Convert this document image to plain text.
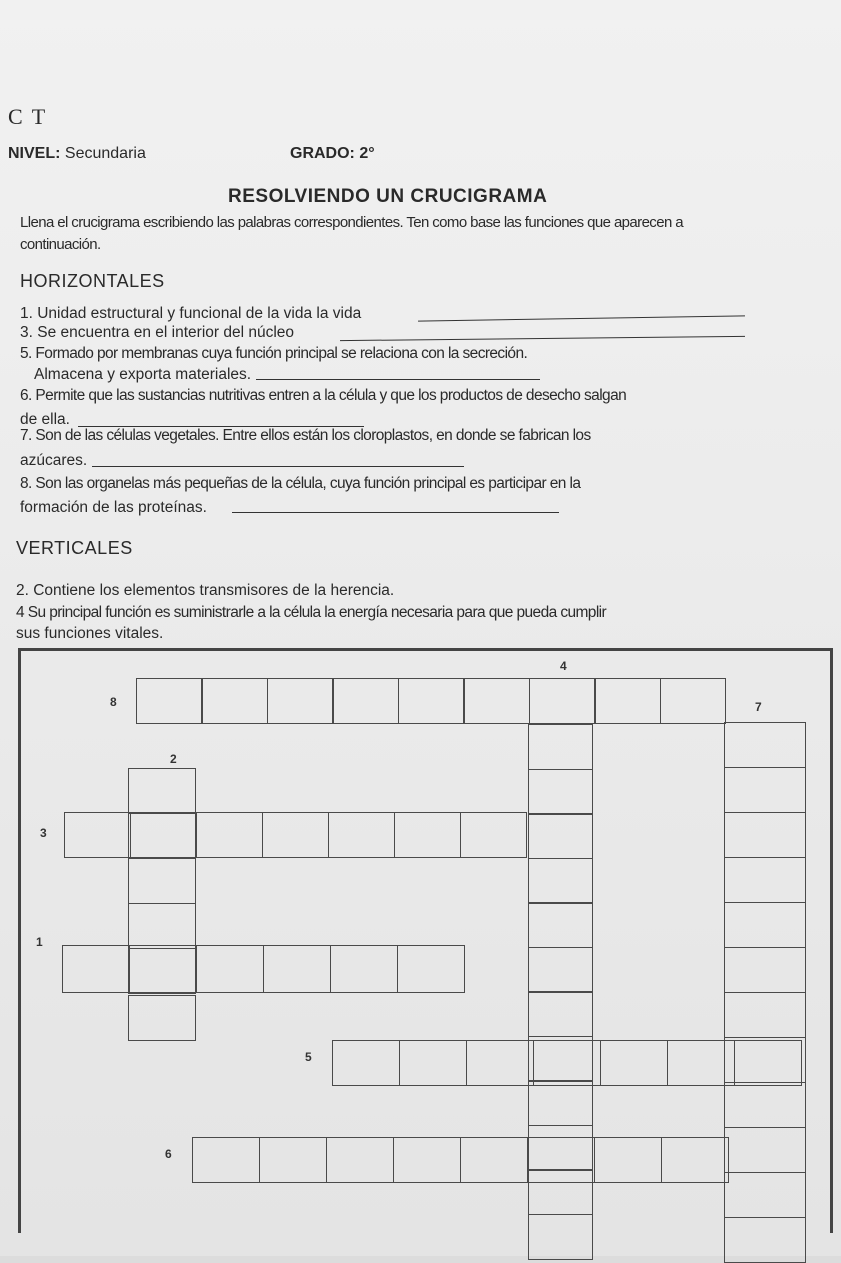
C T
NIVEL: Secundaria	GRADO: 2°
RESOLVIENDO UN CRUCIGRAMA
Llena el crucigrama escribiendo las palabras correspondientes. Ten como base las funciones que aparecen a continuación.
HORIZONTALES
1. Unidad estructural y funcional de la vida la vida
3. Se encuentra en el interior del núcleo
5. Formado por membranas cuya función principal se relaciona con la secreción.
Almacena y exporta materiales.
6. Permite que las sustancias nutritivas entren a la célula y que los productos de desecho salgan
de ella.
7. Son de las células vegetales. Entre ellos están los cloroplastos, en donde se fabrican los
azúcares.
8. Son las organelas más pequeñas de la célula, cuya función principal es participar en la
formación de las proteínas.
VERTICALES
2. Contiene los elementos transmisores de la herencia.
4 Su principal función es suministrarle a la célula la energía necesaria para que pueda cumplir
sus funciones vitales.
8
4
7
2
3
1
5
6
